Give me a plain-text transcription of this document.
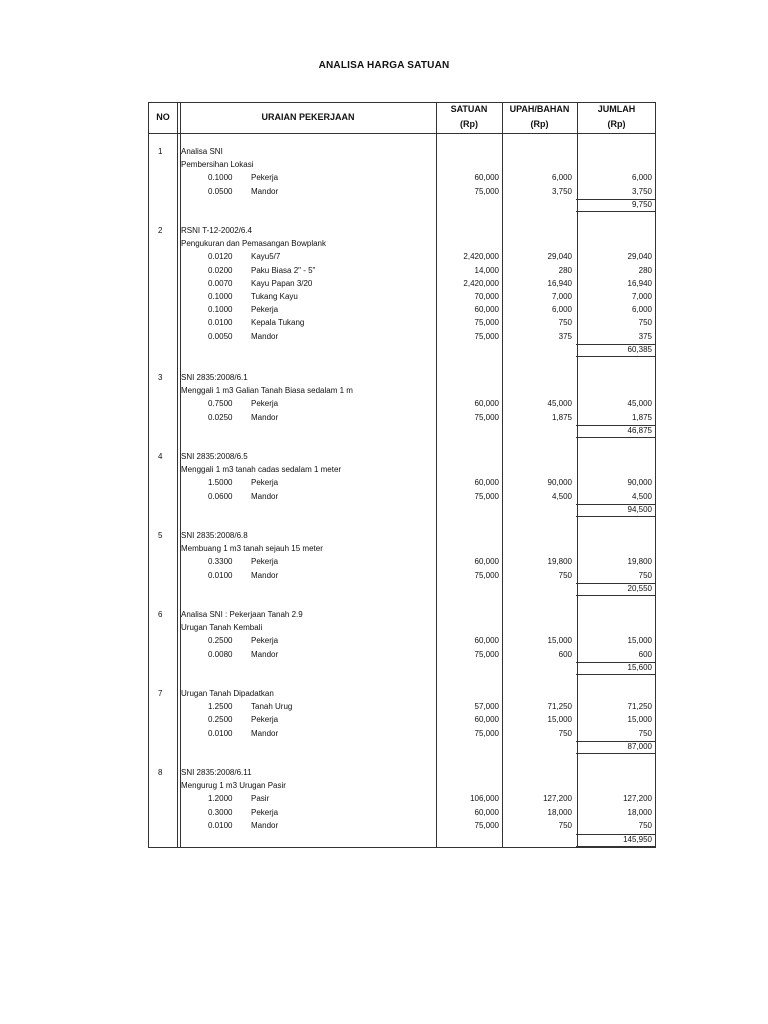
ANALISA HARGA SATUAN
NO	URAIAN PEKERJAAN
SATUAN
(Rp)
UPAH/BAHAN
(Rp)
JUMLAH
(Rp)
1 Analisa SNI
Pembersihan Lokasi
0.1000 Pekerja	60,000	6,000	6,000
0.0500 Mandor	75,000	3,750	3,750
9,750
2 RSNI T-12-2002/6.4
Pengukuran dan Pemasangan Bowplank
0.0120 Kayu5/7	2,420,000	29,040	29,040
0.0200 Paku Biasa 2" - 5"	14,000	280	280
0.0070 Kayu Papan 3/20	2,420,000	16,940	16,940
0.1000 Tukang Kayu	70,000	7,000	7,000
0.1000 Pekerja	60,000	6,000	6,000
0.0100 Kepala Tukang	75,000	750	750
0.0050 Mandor	75,000	375	375
60,385
3 SNI 2835:2008/6.1
Menggali 1 m3 Galian Tanah Biasa sedalam 1 m
0.7500 Pekerja	60,000	45,000	45,000
0.0250 Mandor	75,000	1,875	1,875
46,875
4 SNI 2835:2008/6.5
Menggali 1 m3 tanah cadas sedalam 1 meter
1.5000 Pekerja	60,000	90,000	90,000
0.0600 Mandor	75,000	4,500	4,500
94,500
5 SNI 2835:2008/6.8
Membuang 1 m3 tanah sejauh 15 meter
0.3300 Pekerja	60,000	19,800	19,800
0.0100 Mandor	75,000	750	750
20,550
6 Analisa SNI : Pekerjaan Tanah 2.9
Urugan Tanah Kembali
0.2500 Pekerja	60,000	15,000	15,000
0.0080 Mandor	75,000	600	600
15,600
7 Urugan Tanah Dipadatkan
1.2500 Tanah Urug	57,000	71,250	71,250
0.2500 Pekerja	60,000	15,000	15,000
0.0100 Mandor	75,000	750	750
87,000
8 SNI 2835:2008/6.11
Mengurug 1 m3 Urugan Pasir
1.2000 Pasir	106,000	127,200	127,200
0.3000 Pekerja	60,000	18,000	18,000
0.0100 Mandor	75,000	750	750
145,950
